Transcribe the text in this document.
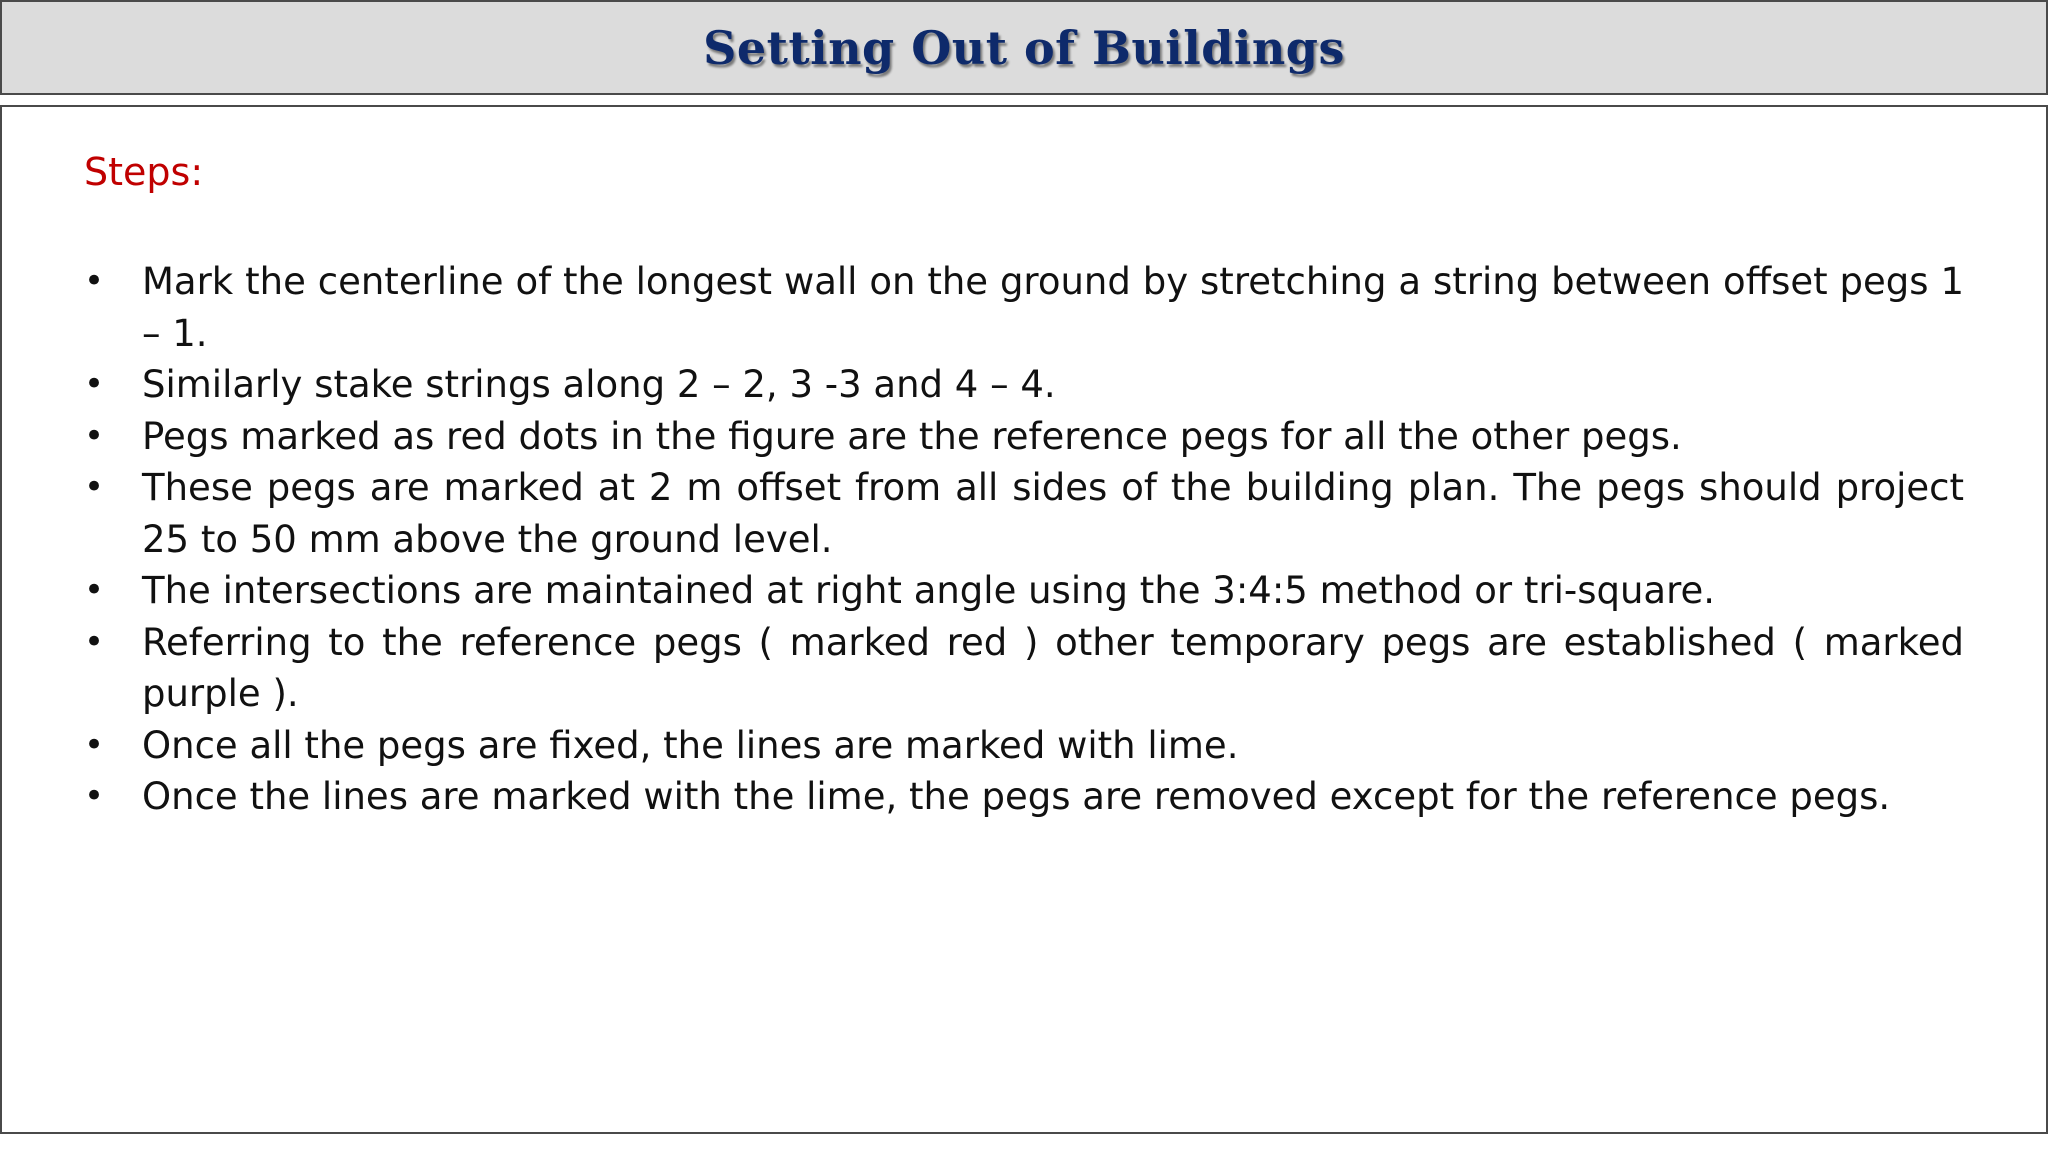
Setting Out of Buildings
Steps:
•	Mark the centerline of the longest wall on the ground by stretching a string between offset pegs 1 – 1.
•	Similarly stake strings along 2 – 2, 3 -3 and 4 – 4.
•	Pegs marked as red dots in the figure are the reference pegs for all the other pegs.
•	These pegs are marked at 2 m offset from all sides of the building plan. The pegs should project 25 to 50 mm above the ground level.
•	The intersections are maintained at right angle using the 3:4:5 method or tri-square.
•	Referring to the reference pegs ( marked red ) other temporary pegs are established ( marked purple ).
•	Once all the pegs are fixed, the lines are marked with lime.
•	Once the lines are marked with the lime, the pegs are removed except for the reference pegs.
